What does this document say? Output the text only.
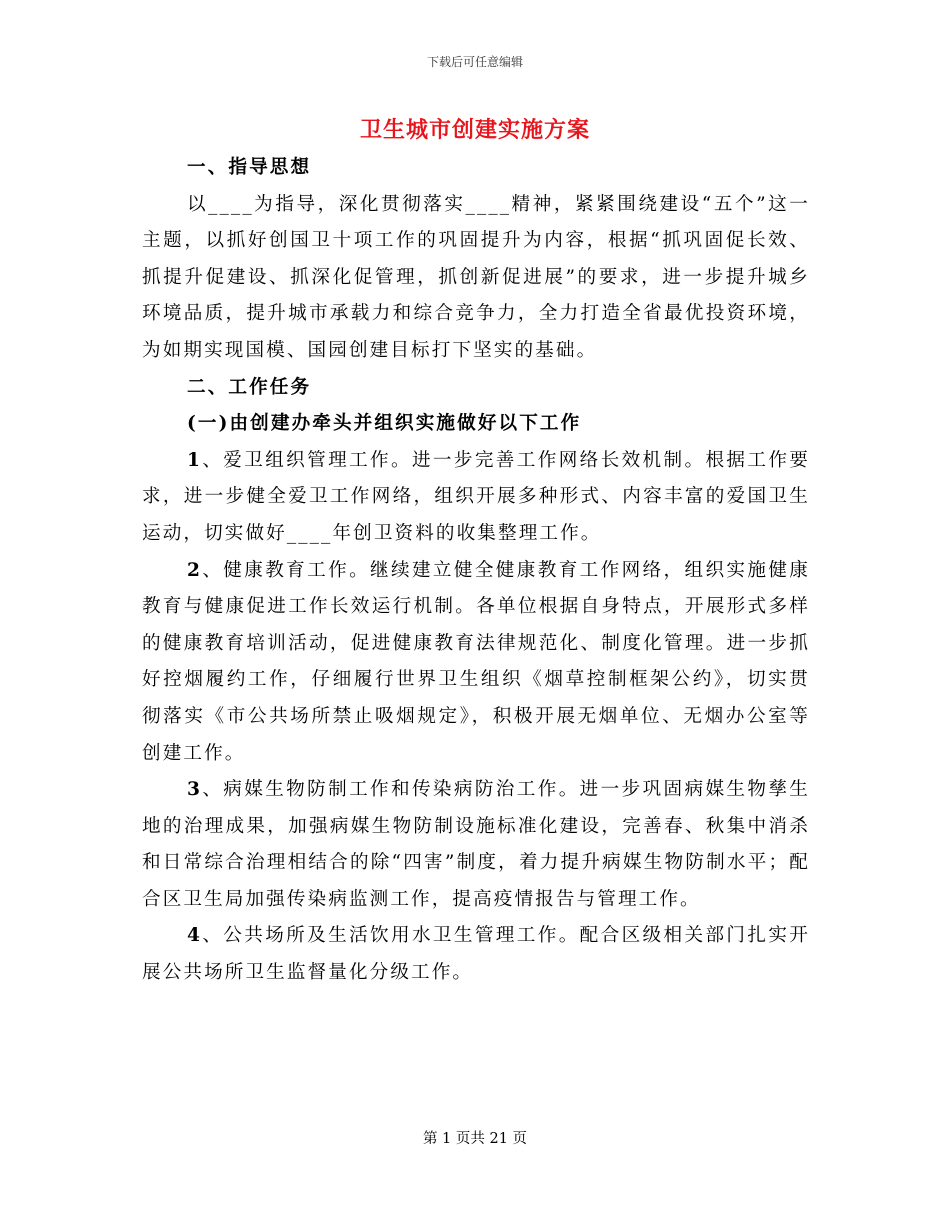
下载后可任意编辑
卫生城市创建实施方案

一、指导思想

以____为指导，深化贯彻落实____精神，紧紧围绕建设“五个”这一主题，以抓好创国卫十项工作的巩固提升为内容，根据“抓巩固促长效、抓提升促建设、抓深化促管理，抓创新促进展”的要求，进一步提升城乡环境品质，提升城市承载力和综合竞争力，全力打造全省最优投资环境，为如期实现国模、国园创建目标打下坚实的基础。

二、工作任务

(一)由创建办牵头并组织实施做好以下工作

1、爱卫组织管理工作。进一步完善工作网络长效机制。根据工作要求，进一步健全爱卫工作网络，组织开展多种形式、内容丰富的爱国卫生运动，切实做好____年创卫资料的收集整理工作。

2、健康教育工作。继续建立健全健康教育工作网络，组织实施健康教育与健康促进工作长效运行机制。各单位根据自身特点，开展形式多样的健康教育培训活动，促进健康教育法律规范化、制度化管理。进一步抓好控烟履约工作，仔细履行世界卫生组织《烟草控制框架公约》，切实贯彻落实《市公共场所禁止吸烟规定》，积极开展无烟单位、无烟办公室等创建工作。

3、病媒生物防制工作和传染病防治工作。进一步巩固病媒生物孳生地的治理成果，加强病媒生物防制设施标准化建设，完善春、秋集中消杀和日常综合治理相结合的除“四害”制度，着力提升病媒生物防制水平；配合区卫生局加强传染病监测工作，提高疫情报告与管理工作。

4、公共场所及生活饮用水卫生管理工作。配合区级相关部门扎实开展公共场所卫生监督量化分级工作。

第 1 页共 21 页
